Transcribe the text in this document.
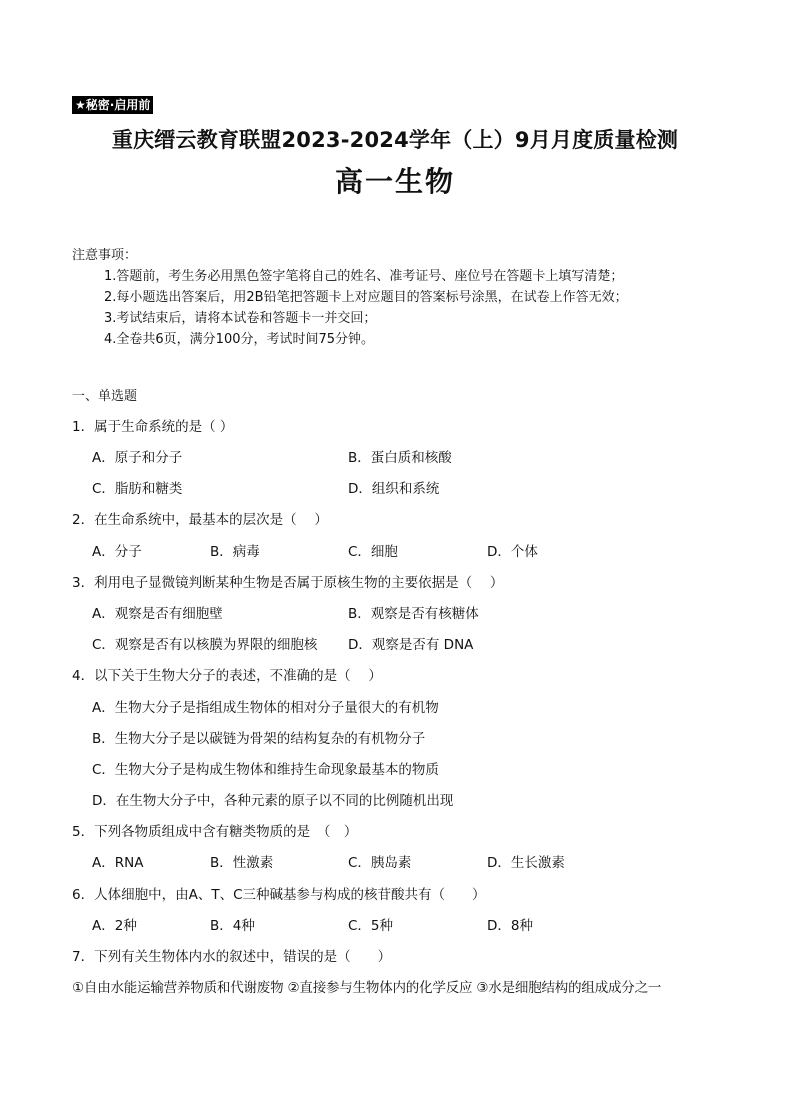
★秘密·启用前
重庆缙云教育联盟2023-2024学年（上）9月月度质量检测
高一生物
注意事项：
1.答题前，考生务必用黑色签字笔将自己的姓名、准考证号、座位号在答题卡上填写清楚；
2.每小题选出答案后，用2B铅笔把答题卡上对应题目的答案标号涂黑，在试卷上作答无效；
3.考试结束后，请将本试卷和答题卡一并交回；
4.全卷共6页，满分100分，考试时间75分钟。
一、单选题
1．属于生命系统的是（ ）
A．原子和分子	B．蛋白质和核酸
C．脂肪和糖类	D．组织和系统
2．在生命系统中，最基本的层次是（　 ）
A．分子	B．病毒	C．细胞	D．个体
3．利用电子显微镜判断某种生物是否属于原核生物的主要依据是（　 ）
A．观察是否有细胞壁	B．观察是否有核糖体
C．观察是否有以核膜为界限的细胞核 D．观察是否有 DNA
4．以下关于生物大分子的表述，不准确的是（　 ）
A．生物大分子是指组成生物体的相对分子量很大的有机物
B．生物大分子是以碳链为骨架的结构复杂的有机物分子
C．生物大分子是构成生物体和维持生命现象最基本的物质
D．在生物大分子中，各种元素的原子以不同的比例随机出现
5．下列各物质组成中含有糖类物质的是　（　）
A．RNA	B．性激素	C．胰岛素	D．生长激素
6．人体细胞中，由A、T、C三种碱基参与构成的核苷酸共有（　　）
A．2种	B．4种	C．5种	D．8种
7．下列有关生物体内水的叙述中，错误的是（　　）
①自由水能运输营养物质和代谢废物 ②直接参与生物体内的化学反应 ③水是细胞结构的组成成分之一
